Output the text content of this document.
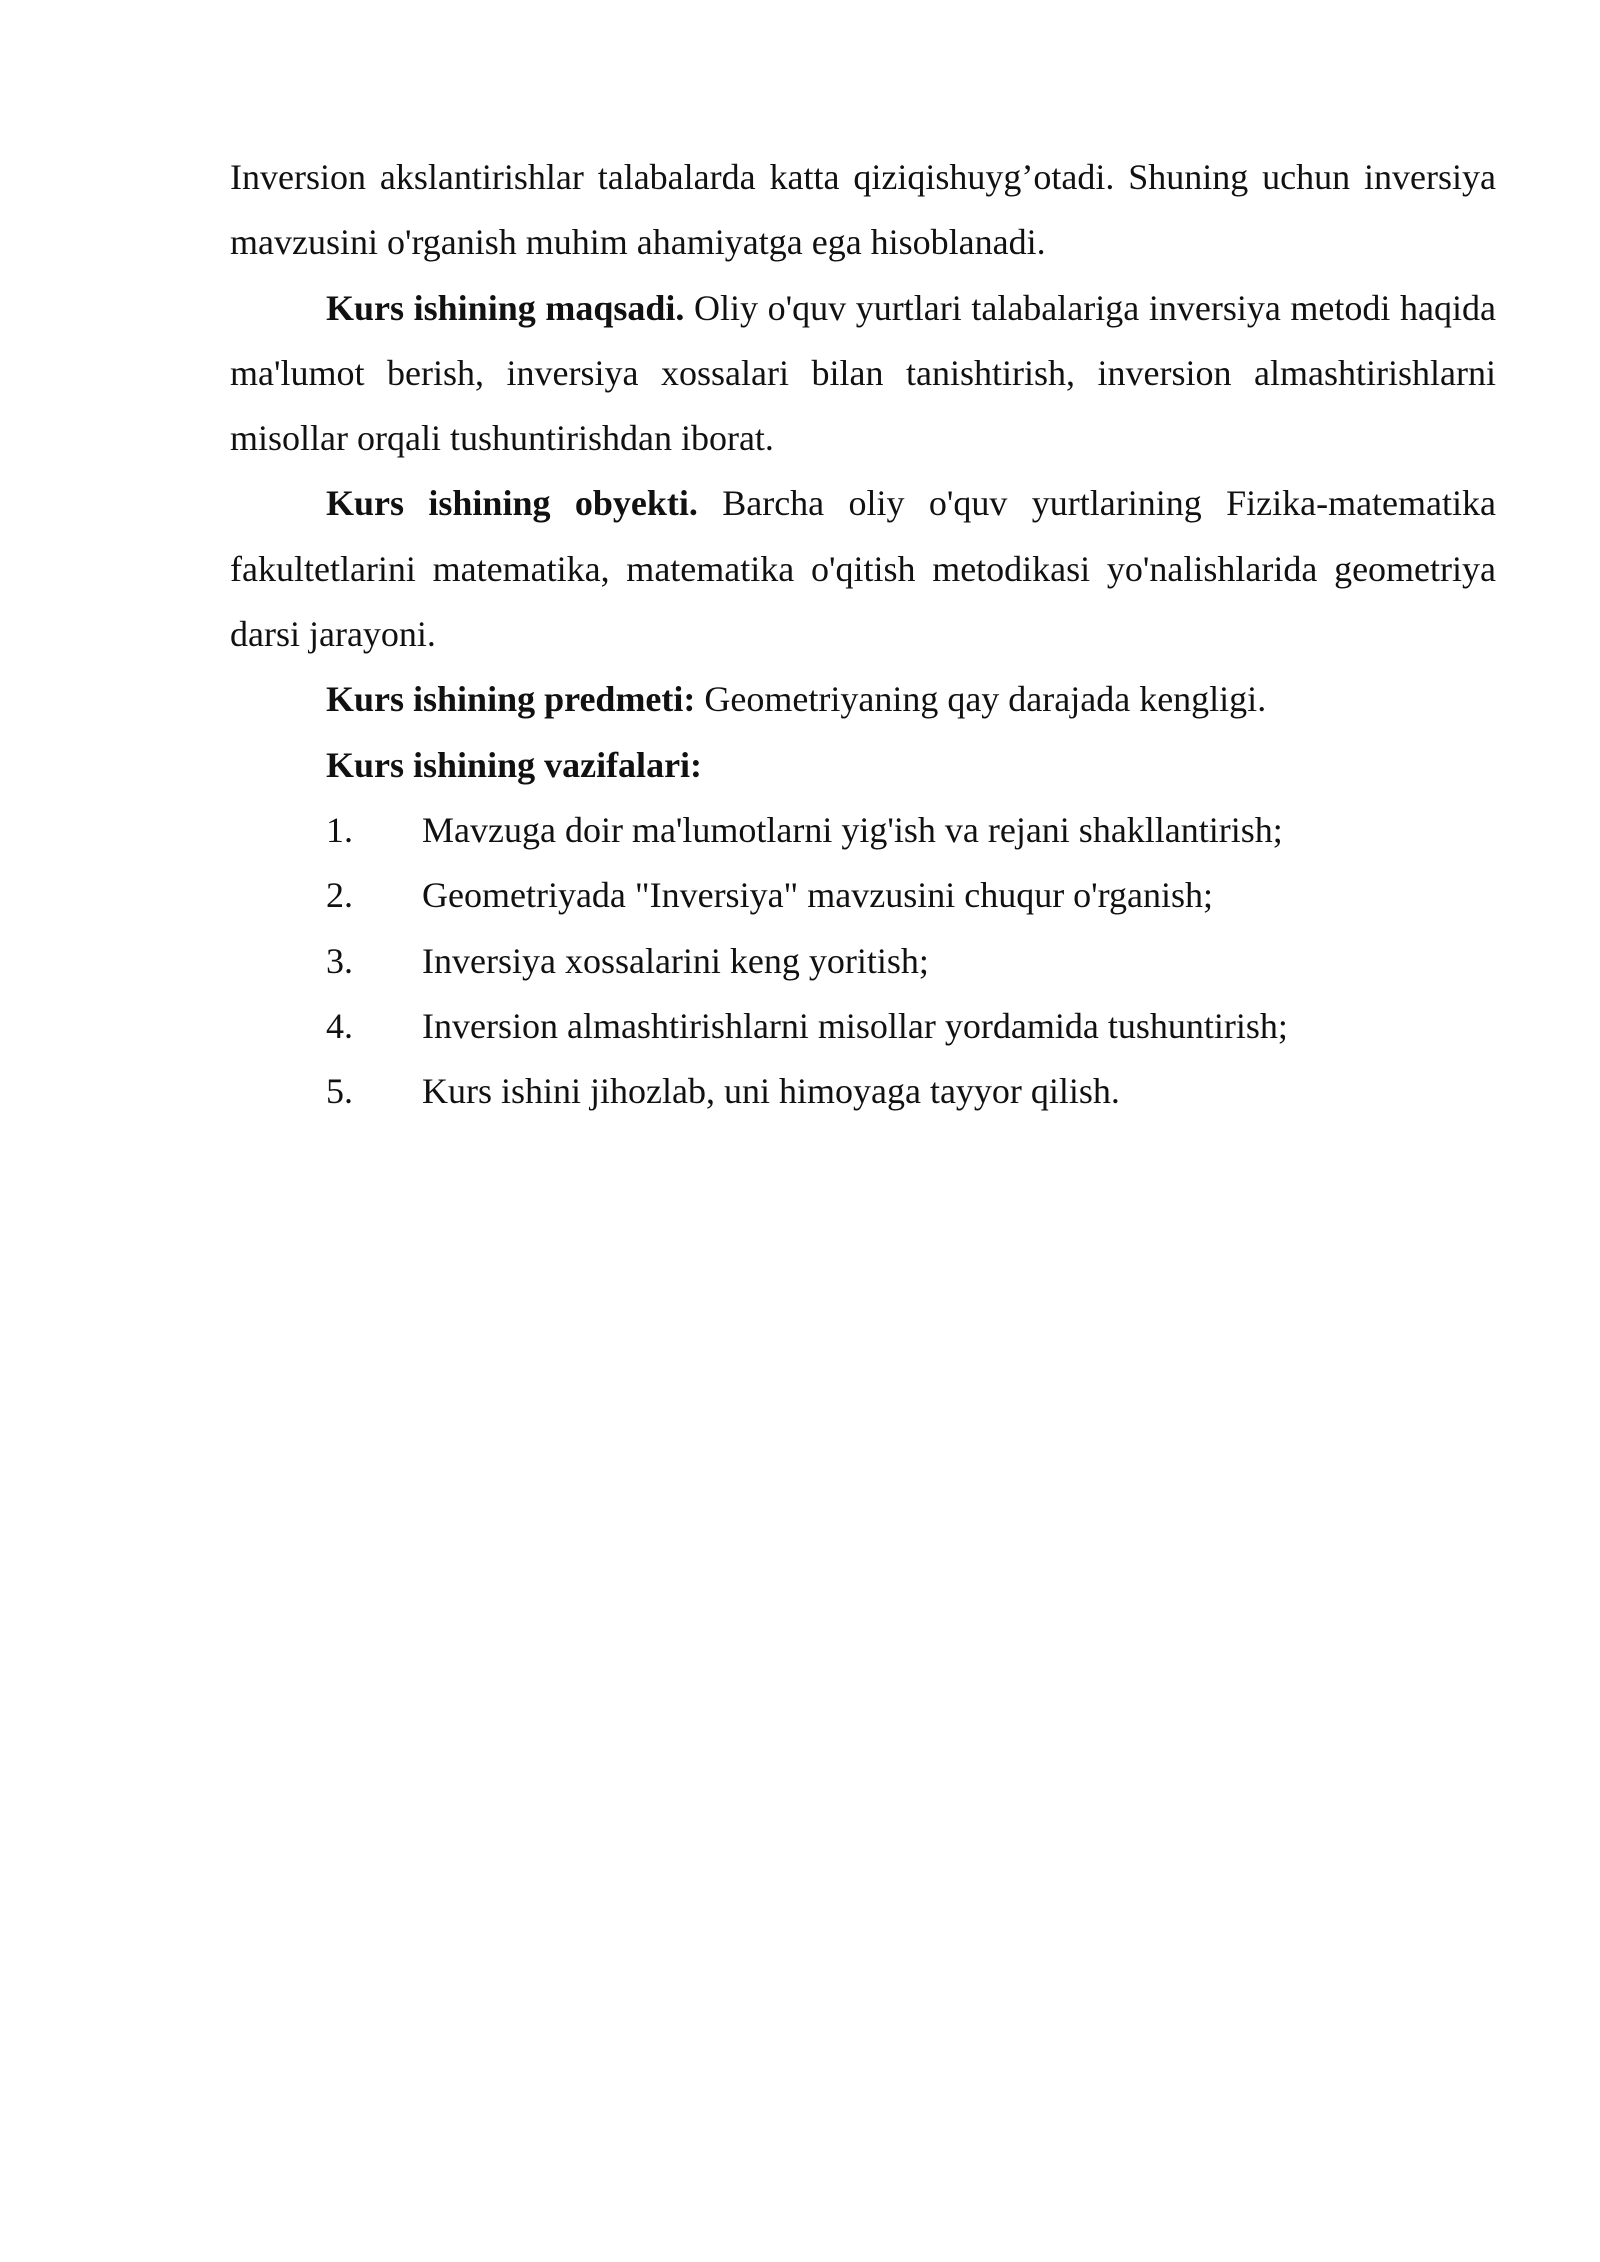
Inversion akslantirishlar talabalarda katta qiziqishuyg’otadi. Shuning uchun inversiya mavzusini o'rganish muhim ahamiyatga ega hisoblanadi.

Kurs ishining maqsadi. Oliy o'quv yurtlari talabalariga inversiya metodi haqida ma'lumot berish, inversiya xossalari bilan tanishtirish, inversion almashtirishlarni misollar orqali tushuntirishdan iborat.

Kurs ishining obyekti. Barcha oliy o'quv yurtlarining Fizika-matematika fakultetlarini matematika, matematika o'qitish metodikasi yo'nalishlarida geometriya darsi jarayoni.

Kurs ishining predmeti: Geometriyaning qay darajada kengligi.

Kurs ishining vazifalari:

1.	Mavzuga doir ma'lumotlarni yig'ish va rejani shakllantirish;
2.	Geometriyada "Inversiya" mavzusini chuqur o'rganish;
3.	Inversiya xossalarini keng yoritish;
4.	Inversion almashtirishlarni misollar yordamida tushuntirish;
5.	Kurs ishini jihozlab, uni himoyaga tayyor qilish.
